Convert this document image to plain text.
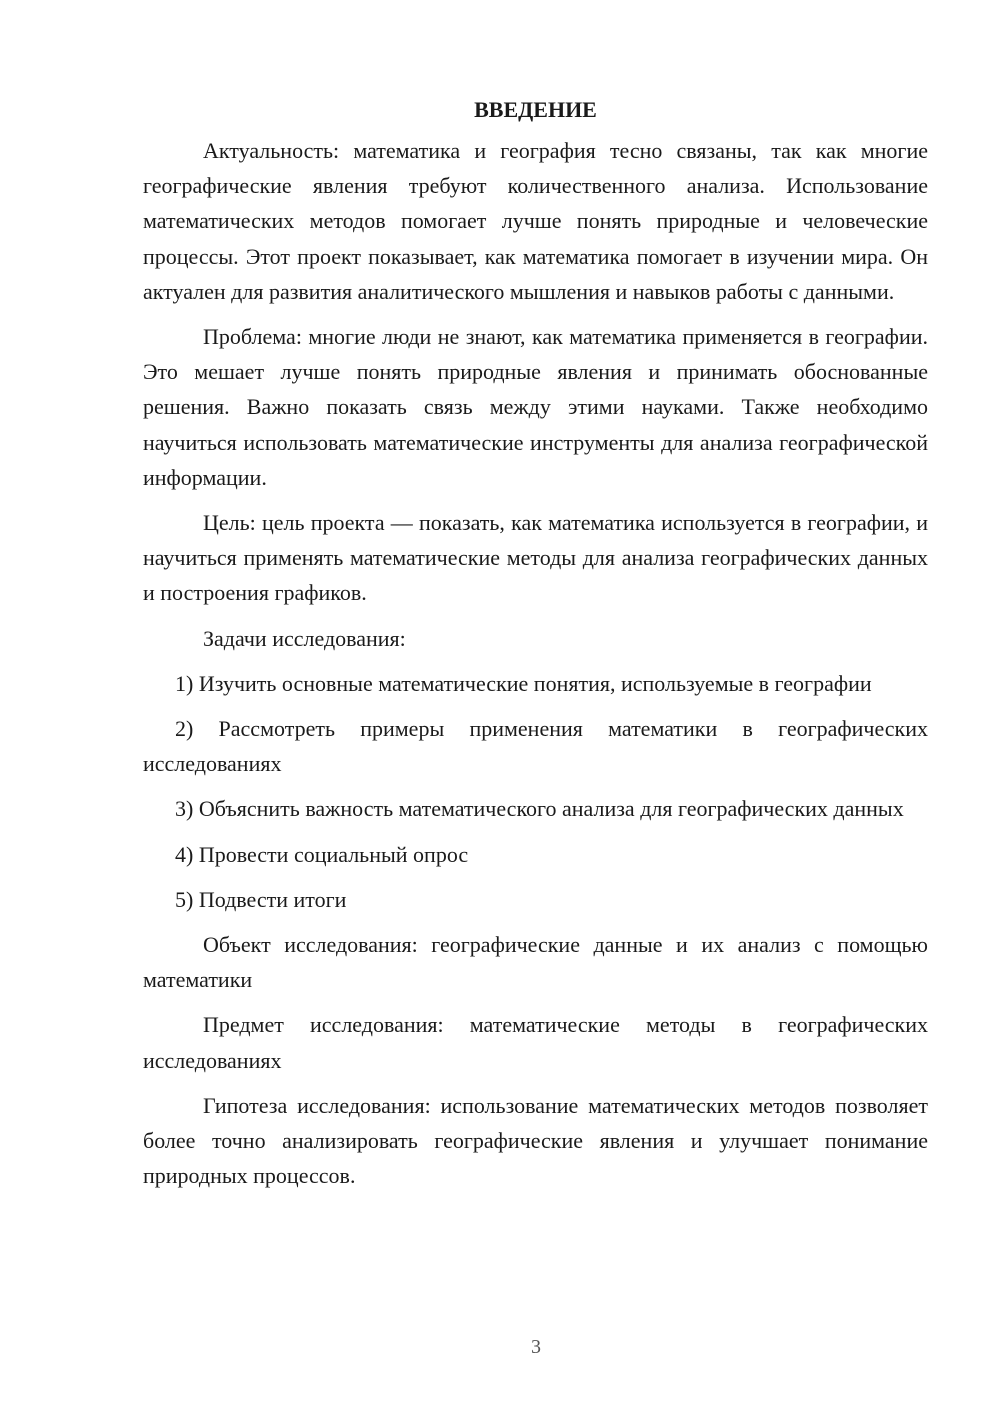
ВВЕДЕНИЕ

Актуальность: математика и география тесно связаны, так как многие географические явления требуют количественного анализа. Использование математических методов помогает лучше понять природные и человеческие процессы. Этот проект показывает, как математика помогает в изучении мира. Он актуален для развития аналитического мышления и навыков работы с данными.

Проблема: многие люди не знают, как математика применяется в географии. Это мешает лучше понять природные явления и принимать обоснованные решения. Важно показать связь между этими науками. Также необходимо научиться использовать математические инструменты для анализа географической информации.

Цель: цель проекта — показать, как математика используется в географии, и научиться применять математические методы для анализа географических данных и построения графиков.

Задачи исследования:

1) Изучить основные математические понятия, используемые в географии

2) Рассмотреть примеры применения математики в географических исследованиях

3) Объяснить важность математического анализа для географических данных

4) Провести социальный опрос

5) Подвести итоги

Объект исследования: географические данные и их анализ с помощью математики

Предмет исследования: математические методы в географических исследованиях

Гипотеза исследования: использование математических методов позволяет более точно анализировать географические явления и улучшает понимание природных процессов.

3
